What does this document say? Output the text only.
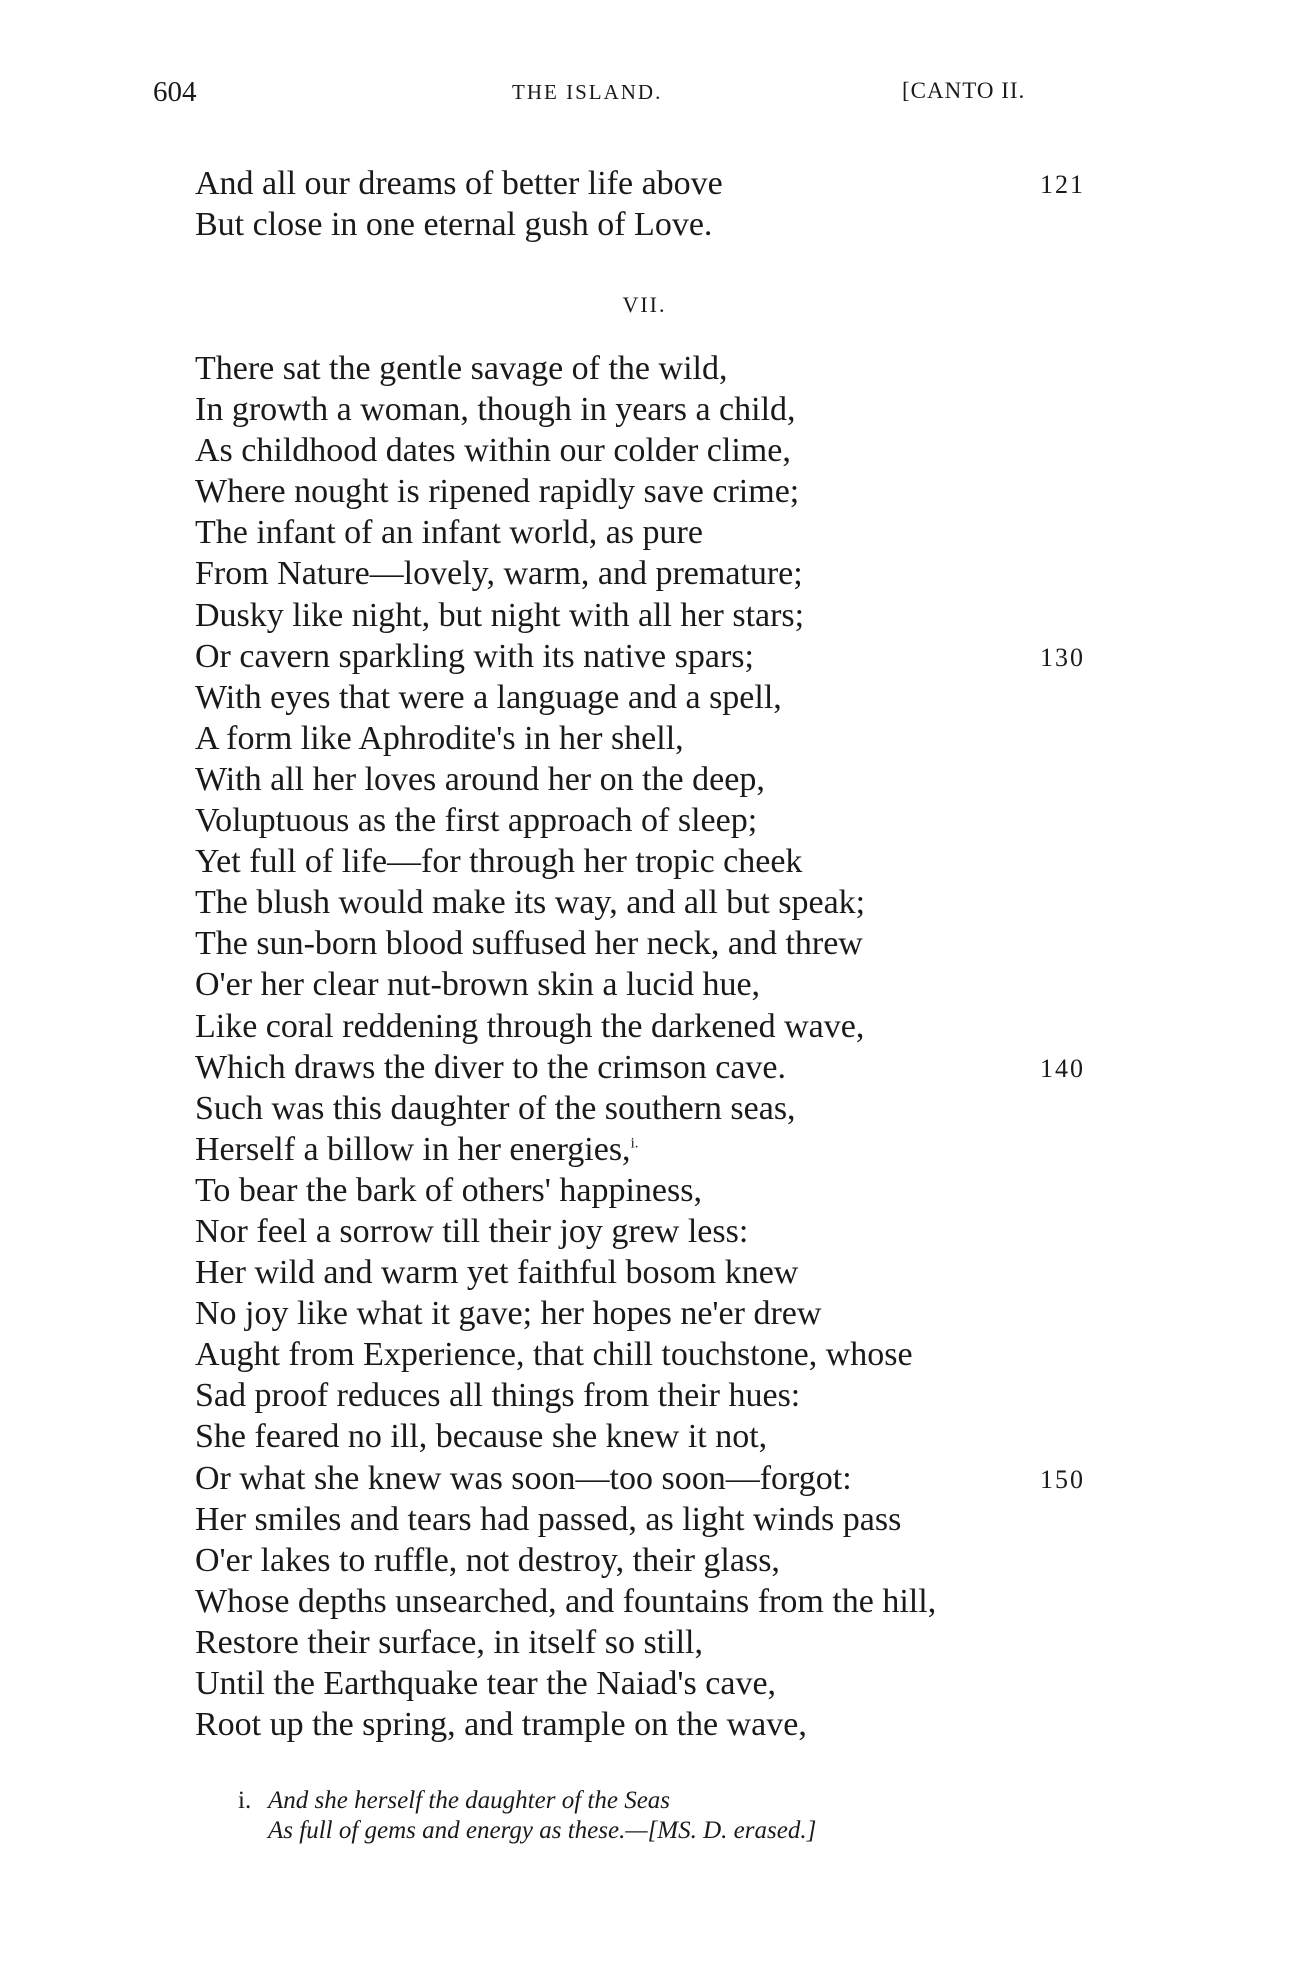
604	THE ISLAND.	[CANTO II.
And all our dreams of better life above	121
But close in one eternal gush of Love.
VII.
There sat the gentle savage of the wild,
In growth a woman, though in years a child,
As childhood dates within our colder clime,
Where nought is ripened rapidly save crime;
The infant of an infant world, as pure
From Nature—lovely, warm, and premature;
Dusky like night, but night with all her stars;
Or cavern sparkling with its native spars;	130
With eyes that were a language and a spell,
A form like Aphrodite's in her shell,
With all her loves around her on the deep,
Voluptuous as the first approach of sleep;
Yet full of life—for through her tropic cheek
The blush would make its way, and all but speak;
The sun-born blood suffused her neck, and threw
O'er her clear nut-brown skin a lucid hue,
Like coral reddening through the darkened wave,
Which draws the diver to the crimson cave.	140
Such was this daughter of the southern seas,
Herself a billow in her energies,$^{i.}$
To bear the bark of others' happiness,
Nor feel a sorrow till their joy grew less:
Her wild and warm yet faithful bosom knew
No joy like what it gave; her hopes ne'er drew
Aught from Experience, that chill touchstone, whose
Sad proof reduces all things from their hues:
She feared no ill, because she knew it not,
Or what she knew was soon—too soon—forgot:	150
Her smiles and tears had passed, as light winds pass
O'er lakes to ruffle, not destroy, their glass,
Whose depths unsearched, and fountains from the hill,
Restore their surface, in itself so still,
Until the Earthquake tear the Naiad's cave,
Root up the spring, and trample on the wave,
i. And she herself the daughter of the Seas
As full of gems and energy as these.—[MS. D. erased.]
